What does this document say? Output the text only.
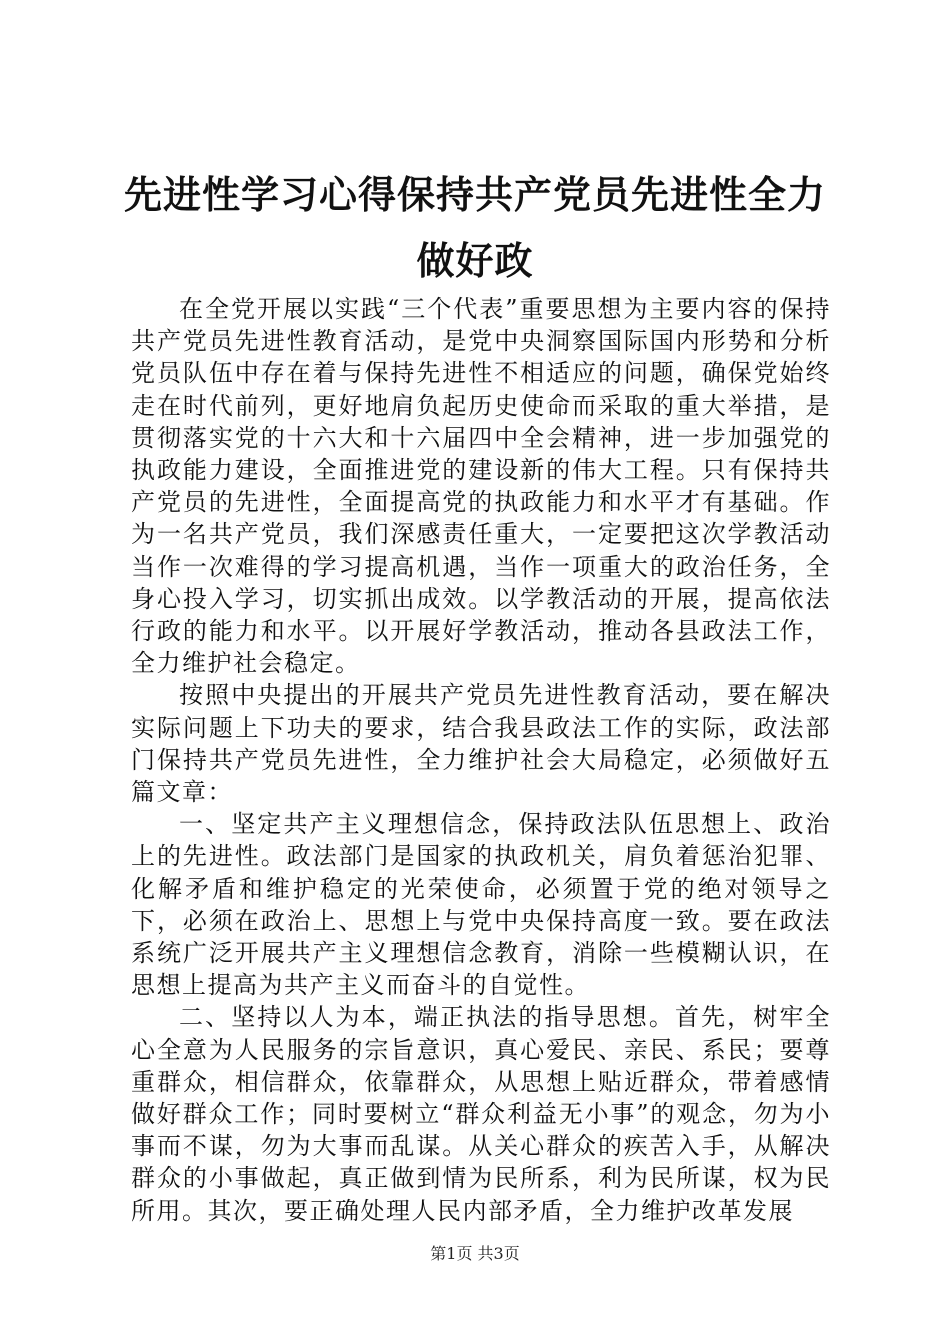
先进性学习心得保持共产党员先进性全力做好政

在全党开展以实践“三个代表”重要思想为主要内容的保持共产党员先进性教育活动，是党中央洞察国际国内形势和分析党员队伍中存在着与保持先进性不相适应的问题，确保党始终走在时代前列，更好地肩负起历史使命而采取的重大举措，是贯彻落实党的十六大和十六届四中全会精神，进一步加强党的执政能力建设，全面推进党的建设新的伟大工程。只有保持共产党员的先进性，全面提高党的执政能力和水平才有基础。作为一名共产党员，我们深感责任重大，一定要把这次学教活动当作一次难得的学习提高机遇，当作一项重大的政治任务，全身心投入学习，切实抓出成效。以学教活动的开展，提高依法行政的能力和水平。以开展好学教活动，推动各县政法工作，全力维护社会稳定。

按照中央提出的开展共产党员先进性教育活动，要在解决实际问题上下功夫的要求，结合我县政法工作的实际，政法部门保持共产党员先进性，全力维护社会大局稳定，必须做好五篇文章：

一、坚定共产主义理想信念，保持政法队伍思想上、政治上的先进性。政法部门是国家的执政机关，肩负着惩治犯罪、化解矛盾和维护稳定的光荣使命，必须置于党的绝对领导之下，必须在政治上、思想上与党中央保持高度一致。要在政法系统广泛开展共产主义理想信念教育，消除一些模糊认识，在思想上提高为共产主义而奋斗的自觉性。

二、坚持以人为本，端正执法的指导思想。首先，树牢全心全意为人民服务的宗旨意识，真心爱民、亲民、系民；要尊重群众，相信群众，依靠群众，从思想上贴近群众，带着感情做好群众工作；同时要树立“群众利益无小事”的观念，勿为小事而不谋，勿为大事而乱谋。从关心群众的疾苦入手，从解决群众的小事做起，真正做到情为民所系，利为民所谋，权为民所用。其次，要正确处理人民内部矛盾，全力维护改革发展

第1页 共3页
